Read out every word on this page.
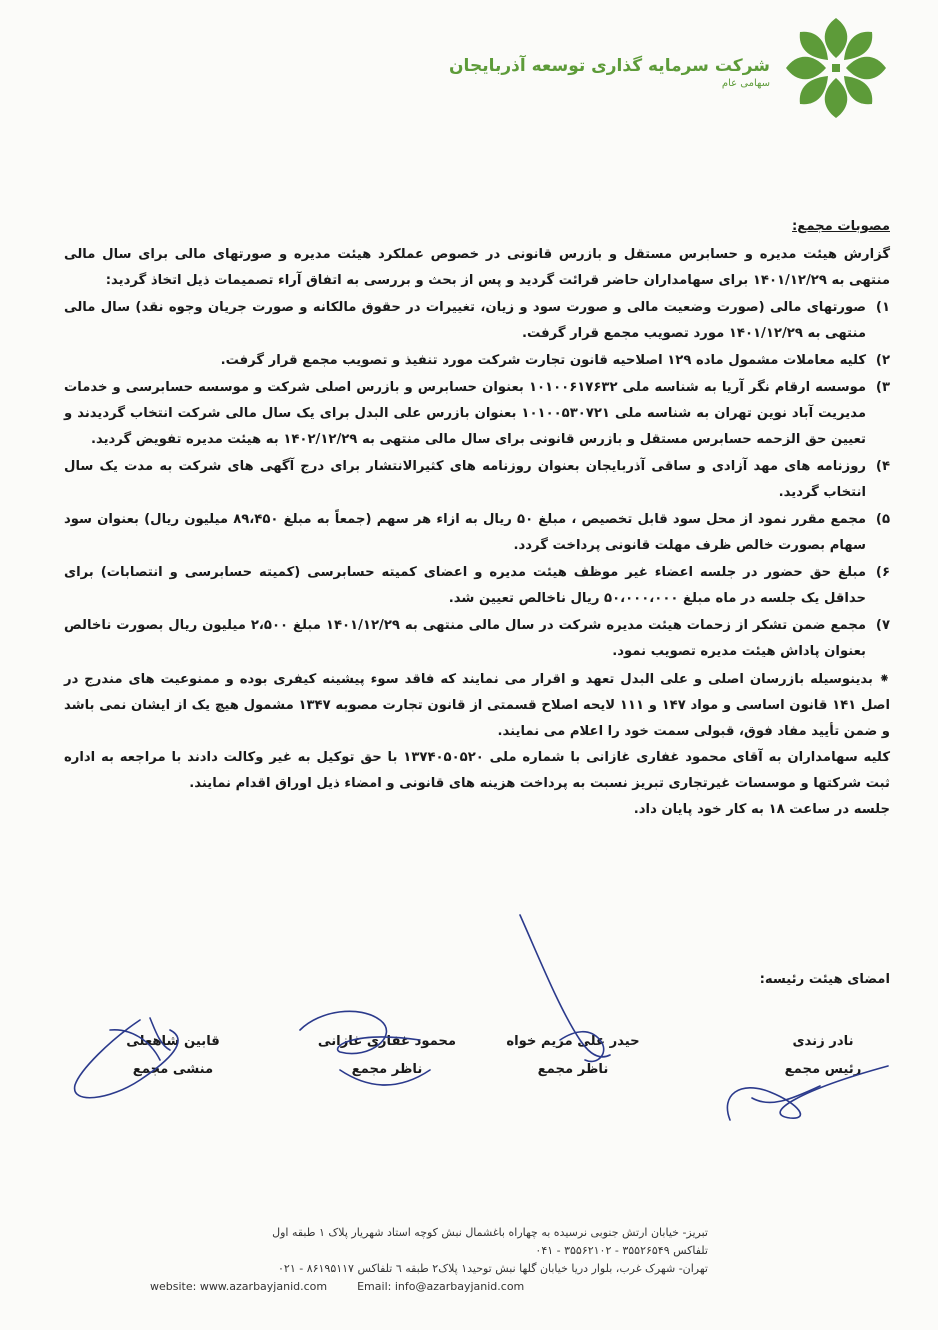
شرکت سرمایه گذاری توسعه آذربایجان
سهامی عام
مصوبات مجمع:
گزارش هیئت مدیره و حسابرس مستقل و بازرس قانونی در خصوص عملکرد هیئت مدیره و صورتهای مالی برای سال مالی منتهی به ۱۴۰۱/۱۲/۲۹ برای سهامداران حاضر قرائت گردید و پس از بحث و بررسی به اتفاق آراء تصمیمات ذیل اتخاذ گردید:
۱)
صورتهای مالی (صورت وضعیت مالی و صورت سود و زیان، تغییرات در حقوق مالکانه و صورت جریان وجوه نقد) سال مالی منتهی به ۱۴۰۱/۱۲/۲۹ مورد تصویب مجمع قرار گرفت.
۲)
کلیه معاملات مشمول ماده ۱۲۹ اصلاحیه قانون تجارت شرکت مورد تنفیذ و تصویب مجمع قرار گرفت.
۳)
موسسه ارقام نگر آریا به شناسه ملی ۱۰۱۰۰۶۱۷۶۳۲ بعنوان حسابرس و بازرس اصلی شرکت و موسسه حسابرسی و خدمات مدیریت آباد نوین تهران به شناسه ملی ۱۰۱۰۰۵۳۰۷۲۱ بعنوان بازرس علی البدل برای یک سال مالی شرکت انتخاب گردیدند و تعیین حق الزحمه حسابرس مستقل و بازرس قانونی برای سال مالی منتهی به ۱۴۰۲/۱۲/۲۹ به هیئت مدیره تفویض گردید.
۴)
روزنامه های مهد آزادی و ساقی آذربایجان بعنوان روزنامه های کثیرالانتشار برای درج آگهی های شرکت به مدت یک سال انتخاب گردید.
۵)
مجمع مقرر نمود از محل سود قابل تخصیص ، مبلغ ۵۰ ریال به ازاء هر سهم (جمعاً به مبلغ ۸۹،۴۵۰ میلیون ریال) بعنوان سود سهام بصورت خالص ظرف مهلت قانونی پرداخت گردد.
۶)
مبلغ حق حضور در جلسه اعضاء غیر موظف هیئت مدیره و اعضای کمیته حسابرسی (کمیته حسابرسی و انتصابات) برای حداقل یک جلسه در ماه مبلغ ۵۰،۰۰۰،۰۰۰ ریال ناخالص تعیین شد.
۷)
مجمع ضمن تشکر از زحمات هیئت مدیره شرکت در سال مالی منتهی به ۱۴۰۱/۱۲/۲۹ مبلغ ۲،۵۰۰ میلیون ریال بصورت ناخالص بعنوان پاداش هیئت مدیره تصویب نمود.
⁕ بدینوسیله بازرسان اصلی و علی البدل تعهد و اقرار می نمایند که فاقد سوء پیشینه کیفری بوده و ممنوعیت های مندرج در اصل ۱۴۱ قانون اساسی و مواد ۱۴۷ و ۱۱۱ لایحه اصلاح قسمتی از قانون تجارت مصوبه ۱۳۴۷ مشمول هیچ یک از ایشان نمی باشد و ضمن تأیید مفاد فوق، قبولی سمت خود را اعلام می نمایند.
کلیه سهامداران به آقای محمود غفاری غازانی با شماره ملی ۱۳۷۴۰۵۰۵۲۰ با حق توکیل به غیر وکالت دادند با مراجعه به اداره ثبت شرکتها و موسسات غیرتجاری تبریز نسبت به پرداخت هزینه های قانونی و امضاء ذیل اوراق اقدام نمایند.
جلسه در ساعت ۱۸ به کار خود پایان داد.
امضای هیئت رئیسه:
نادر زندی
رئیس مجمع
حیدر علی مریم خواه
ناظر مجمع
محمود غفاری غازانی
ناظر مجمع
قابین شاهعلی
منشی مجمع
تبریز- خیابان ارتش جنوبی نرسیده به چهاراه باغشمال نبش کوچه استاد شهریار پلاک ۱ طبقه اول
تلفاکس ۳۵۵۲۶۵۴۹ - ۳۵۵۶۲۱۰۲ - ۰۴۱
تهران- شهرک غرب، بلوار دریا خیابان گلها نبش توحید۱ پلاک۲ طبقه ٦ تلفاکس ۸۶۱۹۵۱۱۷ - ۰۲۱
website: www.azarbayjanid.com	Email: info@azarbayjanid.com
